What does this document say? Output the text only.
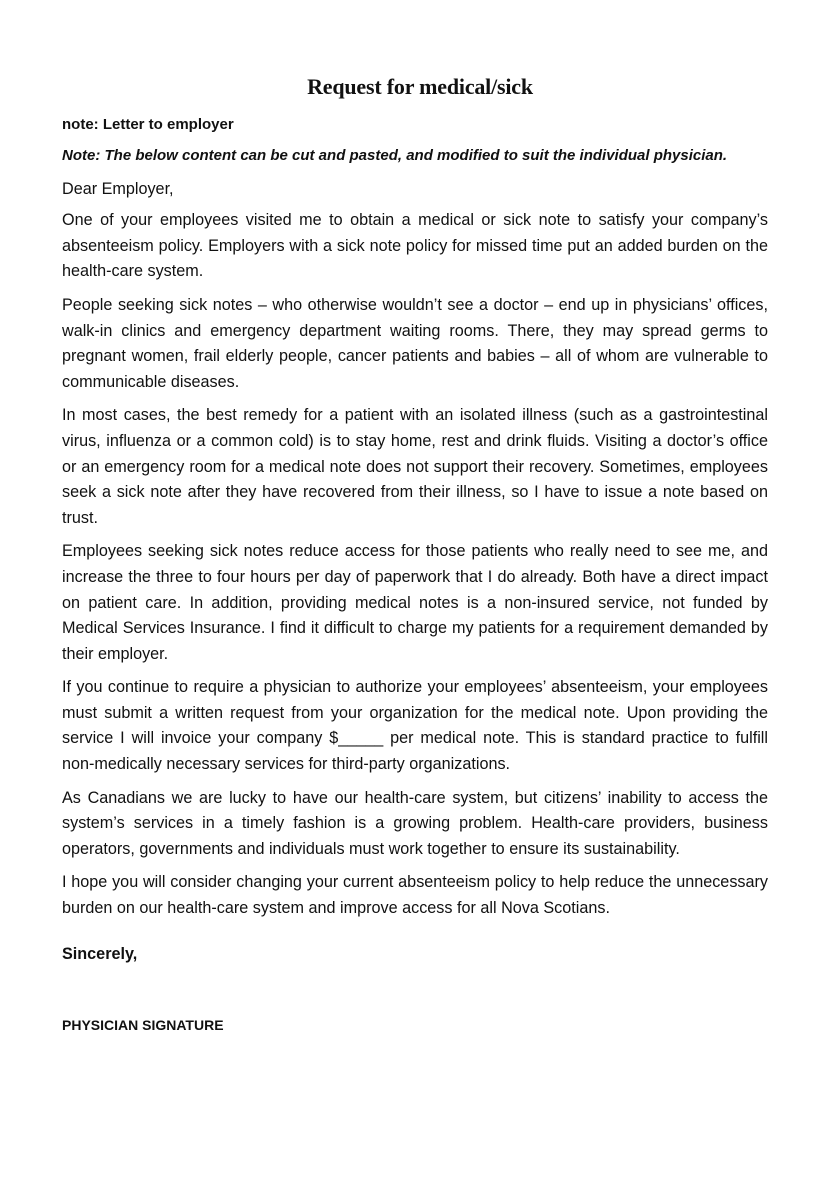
Request for medical/sick

note: Letter to employer

Note: The below content can be cut and pasted, and modified to suit the individual physician.

Dear Employer,

One of your employees visited me to obtain a medical or sick note to satisfy your company’s absenteeism policy. Employers with a sick note policy for missed time put an added burden on the health-care system.

People seeking sick notes – who otherwise wouldn’t see a doctor – end up in physicians’ offices, walk-in clinics and emergency department waiting rooms. There, they may spread germs to pregnant women, frail elderly people, cancer patients and babies – all of whom are vulnerable to communicable diseases.

In most cases, the best remedy for a patient with an isolated illness (such as a gastrointestinal virus, influenza or a common cold) is to stay home, rest and drink fluids. Visiting a doctor’s office or an emergency room for a medical note does not support their recovery. Sometimes, employees seek a sick note after they have recovered from their illness, so I have to issue a note based on trust.

Employees seeking sick notes reduce access for those patients who really need to see me, and increase the three to four hours per day of paperwork that I do already. Both have a direct impact on patient care. In addition, providing medical notes is a non-insured service, not funded by Medical Services Insurance. I find it difficult to charge my patients for a requirement demanded by their employer.

If you continue to require a physician to authorize your employees’ absenteeism, your employees must submit a written request from your organization for the medical note. Upon providing the service I will invoice your company $_____ per medical note. This is standard practice to fulfill non-medically necessary services for third-party organizations.

As Canadians we are lucky to have our health-care system, but citizens’ inability to access the system’s services in a timely fashion is a growing problem. Health-care providers, business operators, governments and individuals must work together to ensure its sustainability.

I hope you will consider changing your current absenteeism policy to help reduce the unnecessary burden on our health-care system and improve access for all Nova Scotians.

Sincerely,

PHYSICIAN SIGNATURE
